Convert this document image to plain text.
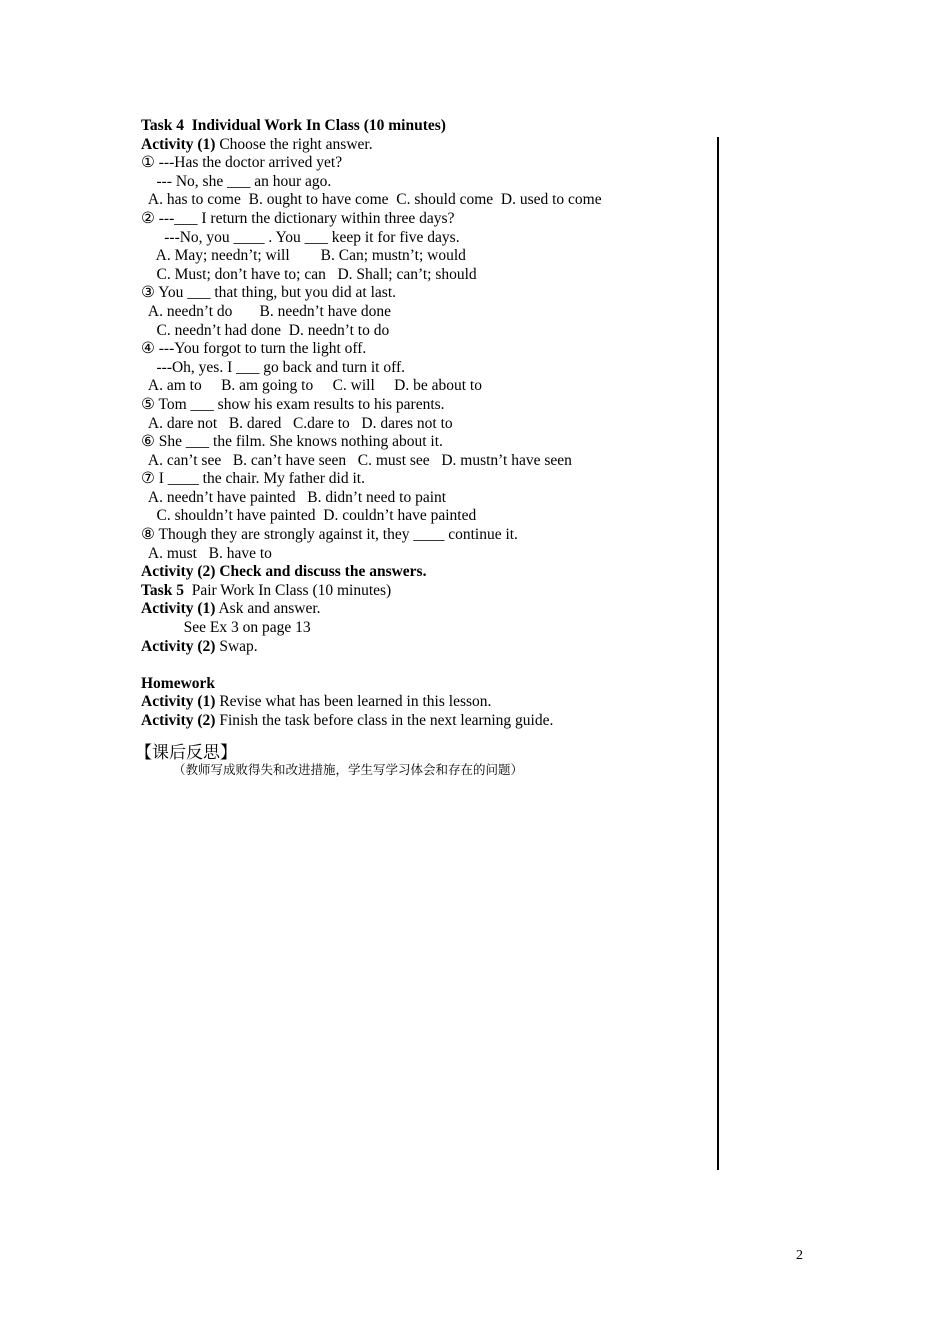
Task 4  Individual Work In Class (10 minutes)
Activity (1) Choose the right answer.
① ---Has the doctor arrived yet?
--- No, she ___ an hour ago.
A. has to come  B. ought to have come  C. should come  D. used to come
② ---___ I return the dictionary within three days?
---No, you ____ . You ___ keep it for five days.
A. May; needn’t; will        B. Can; mustn’t; would
C. Must; don’t have to; can   D. Shall; can’t; should
③ You ___ that thing, but you did at last.
A. needn’t do       B. needn’t have done
C. needn’t had done  D. needn’t to do
④ ---You forgot to turn the light off.
---Oh, yes. I ___ go back and turn it off.
A. am to     B. am going to     C. will     D. be about to
⑤ Tom ___ show his exam results to his parents.
A. dare not   B. dared   C.dare to   D. dares not to
⑥ She ___ the film. She knows nothing about it.
A. can’t see   B. can’t have seen   C. must see   D. mustn’t have seen
⑦ I ____ the chair. My father did it.
A. needn’t have painted   B. didn’t need to paint
C. shouldn’t have painted  D. couldn’t have painted
⑧ Though they are strongly against it, they ____ continue it.
A. must   B. have to
Activity (2) Check and discuss the answers.
Task 5  Pair Work In Class (10 minutes)
Activity (1) Ask and answer.
See Ex 3 on page 13
Activity (2) Swap.
Homework
Activity (1) Revise what has been learned in this lesson.
Activity (2) Finish the task before class in the next learning guide.
【课后反思】
（教师写成败得失和改进措施，学生写学习体会和存在的问题）
2
